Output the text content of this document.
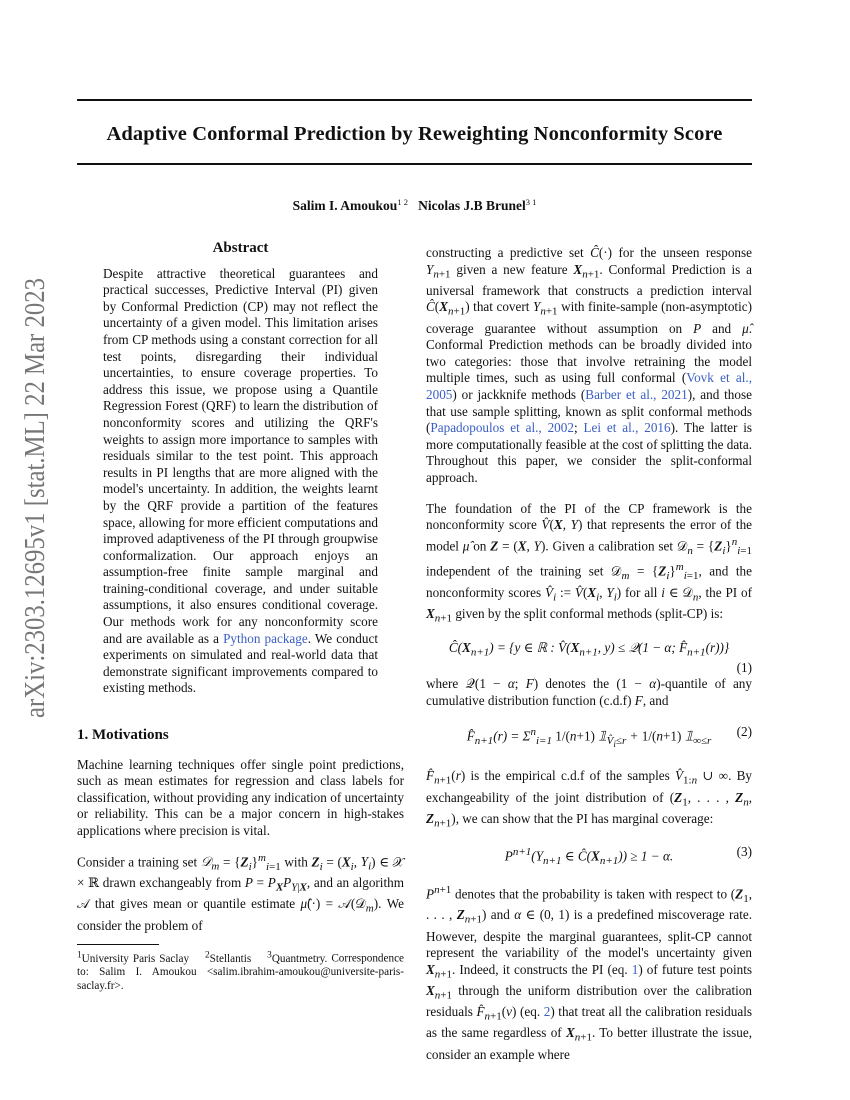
arXiv:2303.12695v1 [stat.ML] 22 Mar 2023
Adaptive Conformal Prediction by Reweighting Nonconformity Score
Salim I. Amoukou$^{1 2}$ Nicolas J.B Brunel$^{3 1}$
Abstract
Despite attractive theoretical guarantees and practical successes, Predictive Interval (PI) given by Conformal Prediction (CP) may not reflect the uncertainty of a given model. This limitation arises from CP methods using a constant correction for all test points, disregarding their individual uncertainties, to ensure coverage properties. To address this issue, we propose using a Quantile Regression Forest (QRF) to learn the distribution of nonconformity scores and utilizing the QRF's weights to assign more importance to samples with residuals similar to the test point. This approach results in PI lengths that are more aligned with the model's uncertainty. In addition, the weights learnt by the QRF provide a partition of the features space, allowing for more efficient computations and improved adaptiveness of the PI through groupwise conformalization. Our approach enjoys an assumption-free finite sample marginal and training-conditional coverage, and under suitable assumptions, it also ensures conditional coverage. Our methods work for any nonconformity score and are available as a Python package. We conduct experiments on simulated and real-world data that demonstrate significant improvements compared to existing methods.
1. Motivations
Machine learning techniques offer single point predictions, such as mean estimates for regression and class labels for classification, without providing any indication of uncertainty or reliability. This can be a major concern in high-stakes applications where precision is vital.
Consider a training set 𝒟$_m$ = $\{Z_i\}^m_{i=1}$ with $Z_i = (X_i$, $Y_i$) ∈ 𝒳 × ℝ drawn exchangeably from $P = P_XP_{Y|X}$, and an algorithm 𝒜 that gives mean or quantile estimate μ̂(·) = 𝒜(𝒟$_m$). We consider the problem of
$^1$University Paris Saclay $^2$Stellantis $^3$Quantmetry. Correspondence to: Salim I. Amoukou <salim.ibrahim-amoukou@universite-paris-saclay.fr>.
constructing a predictive set Ĉ(·) for the unseen response $Y_{n+1}$ given a new feature $X_{n+1}$. Conformal Prediction is a universal framework that constructs a prediction interval $Ĉ(X_{n+1})$ that covert $Y_{n+1}$ with finite-sample (non-asymptotic) coverage guarantee without assumption on P and μ̂. Conformal Prediction methods can be broadly divided into two categories: those that involve retraining the model multiple times, such as using full conformal (Vovk et al., 2005) or jackknife methods (Barber et al., 2021), and those that use sample splitting, known as split conformal methods (Papadopoulos et al., 2002; Lei et al., 2016). The latter is more computationally feasible at the cost of splitting the data. Throughout this paper, we consider the split-conformal approach.
The foundation of the PI of the CP framework is the nonconformity score V̂(X, Y) that represents the error of the model μ̂ on Z = (X, Y). Given a calibration set 𝒟$_n$ = $\{Z_i\}^n_{i=1}$ independent of the training set 𝒟$_m$ = $\{Z_i\}^m_{i=1}$, and the nonconformity scores $V̂_i$ := $V̂(X_i$, $Y_i$) for all i ∈ 𝒟$_n$, the PI of $X_{n+1}$ given by the split conformal methods (split-CP) is:
$Ĉ(X_{n+1}) = \{y$ ∈ ℝ : $V̂(X_{n+1}$, y) ≤ 𝒬(1 − α; $F̂_{n+1}(r)$)}
(1)
where 𝒬(1 − α; F) denotes the (1 − α)-quantile of any cumulative distribution function (c.d.f) F, and
$F̂_{n+1}(r) = \Sigma^n_{i=1}$ 1/(n+1) $𝟙_{V̂_i\le r} + 1/(n+1)$ $𝟙_{\infty\le r}$
(2)
$F̂_{n+1}(r)$ is the empirical c.d.f of the samples $V̂_{1:n}$ ∪ ∞. By exchangeability of the joint distribution of ($Z_1$, . . . , $Z_n$, $Z_{n+1}$), we can show that the PI has marginal coverage:
$P^{n+1}(Y_{n+1}$ ∈ $Ĉ(X_{n+1})) \ge 1 - \alpha$.	(3)
$P^{n+1}$ denotes that the probability is taken with respect to ($Z_1$, . . . , $Z_{n+1}$) and α ∈ (0, 1) is a predefined miscoverage rate. However, despite the marginal guarantees, split-CP cannot represent the variability of the model's uncertainty given $X_{n+1}$. Indeed, it constructs the PI (eq. 1) of future test points $X_{n+1}$ through the uniform distribution over the calibration residuals $F̂_{n+1}(v)$ (eq. 2) that treat all the calibration residuals as the same regardless of $X_{n+1}$. To better illustrate the issue, consider an example where
